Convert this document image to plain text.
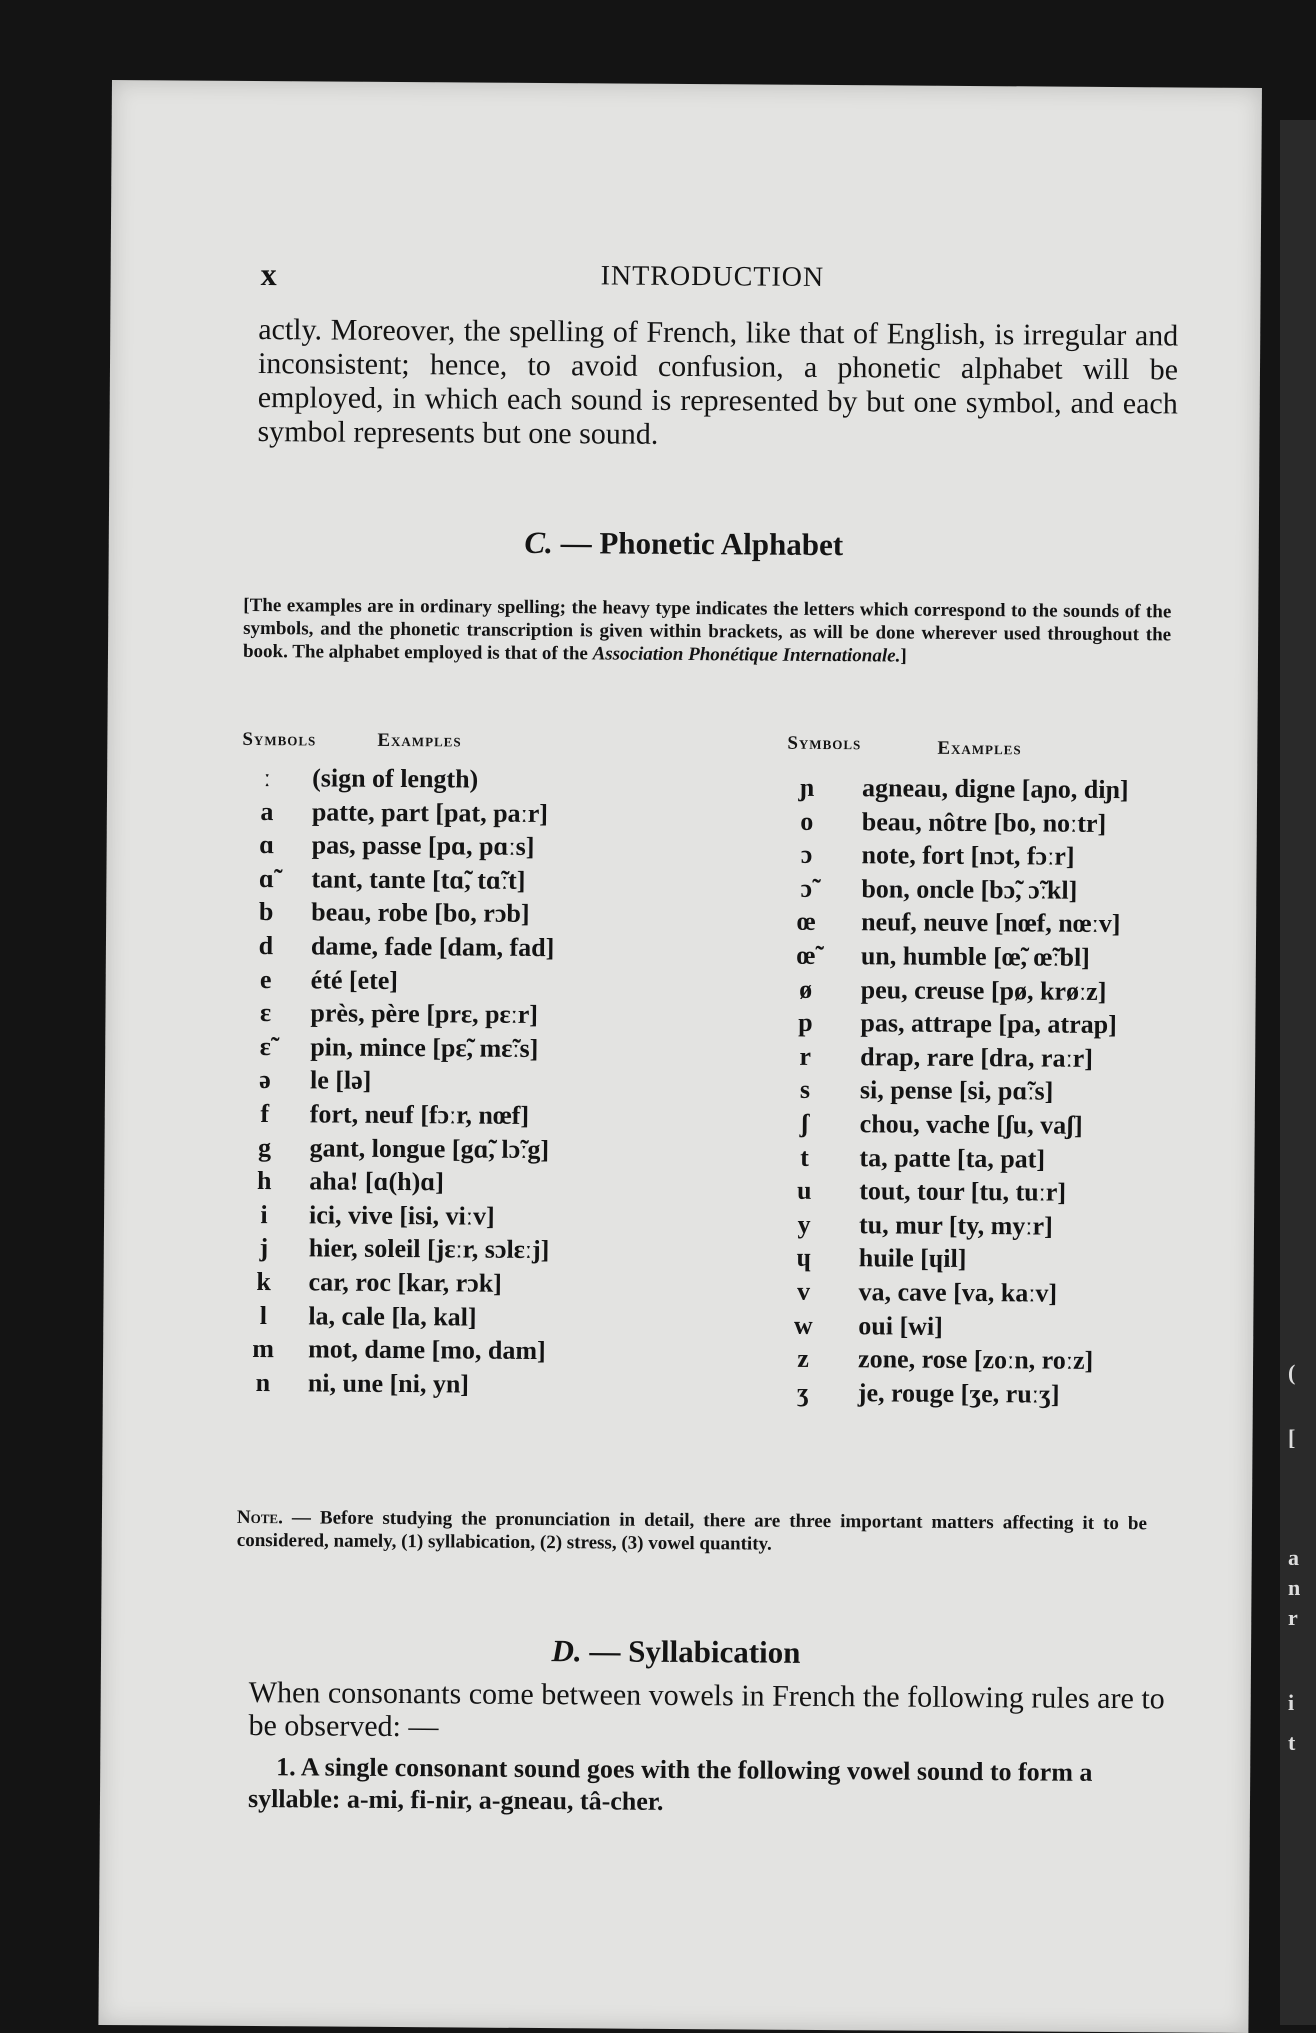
x	INTRODUCTION
actly. Moreover, the spelling of French, like that of English, is irregular and inconsistent; hence, to avoid confusion, a phonetic alphabet will be employed, in which each sound is represented by but one symbol, and each symbol represents but one sound.
C. — Phonetic Alphabet
[The examples are in ordinary spelling; the heavy type indicates the letters which correspond to the sounds of the symbols, and the phonetic transcription is given within brackets, as will be done wherever used throughout the book. The alphabet employed is that of the Association Phonétique Internationale.]
Symbols	Examples	Symbols	Examples
ː	(sign of length)
a	patte, part [pat, paːr]
ɑ	pas, passe [pɑ, pɑːs]
ɑ̃	tant, tante [tɑ̃, tɑ̃ːt]
b	beau, robe [bo, rɔb]
d	dame, fade [dam, fad]
e	été [ete]
ɛ	près, père [prɛ, pɛːr]
ɛ̃	pin, mince [pɛ̃, mɛ̃ːs]
ə	le [lə]
f	fort, neuf [fɔːr, nœf]
g	gant, longue [gɑ̃, lɔ̃ːg]
h	aha! [ɑ(h)ɑ]
i	ici, vive [isi, viːv]
j	hier, soleil [jɛːr, sɔlɛːj]
k	car, roc [kar, rɔk]
l	la, cale [la, kal]
m	mot, dame [mo, dam]
n	ni, une [ni, yn]
ɲ	agneau, digne [aɲo, diɲ]
o	beau, nôtre [bo, noːtr]
ɔ	note, fort [nɔt, fɔːr]
ɔ̃	bon, oncle [bɔ̃, ɔ̃ːkl]
œ	neuf, neuve [nœf, nœːv]
œ̃	un, humble [œ̃, œ̃ːbl]
ø	peu, creuse [pø, krøːz]
p	pas, attrape [pa, atrap]
r	drap, rare [dra, raːr]
s	si, pense [si, pɑ̃ːs]
ʃ	chou, vache [ʃu, vaʃ]
t	ta, patte [ta, pat]
u	tout, tour [tu, tuːr]
y	tu, mur [ty, myːr]
ɥ	huile [ɥil]
v	va, cave [va, kaːv]
w	oui [wi]
z	zone, rose [zoːn, roːz]
ʒ	je, rouge [ʒe, ruːʒ]
Note. — Before studying the pronunciation in detail, there are three important matters affecting it to be considered, namely, (1) syllabication, (2) stress, (3) vowel quantity.
D. — Syllabication
When consonants come between vowels in French the following rules are to be observed: —
1. A single consonant sound goes with the following vowel sound to form a syllable: a-mi, fi-nir, a-gneau, tâ-cher.
(
[
a
n
r
i
t
